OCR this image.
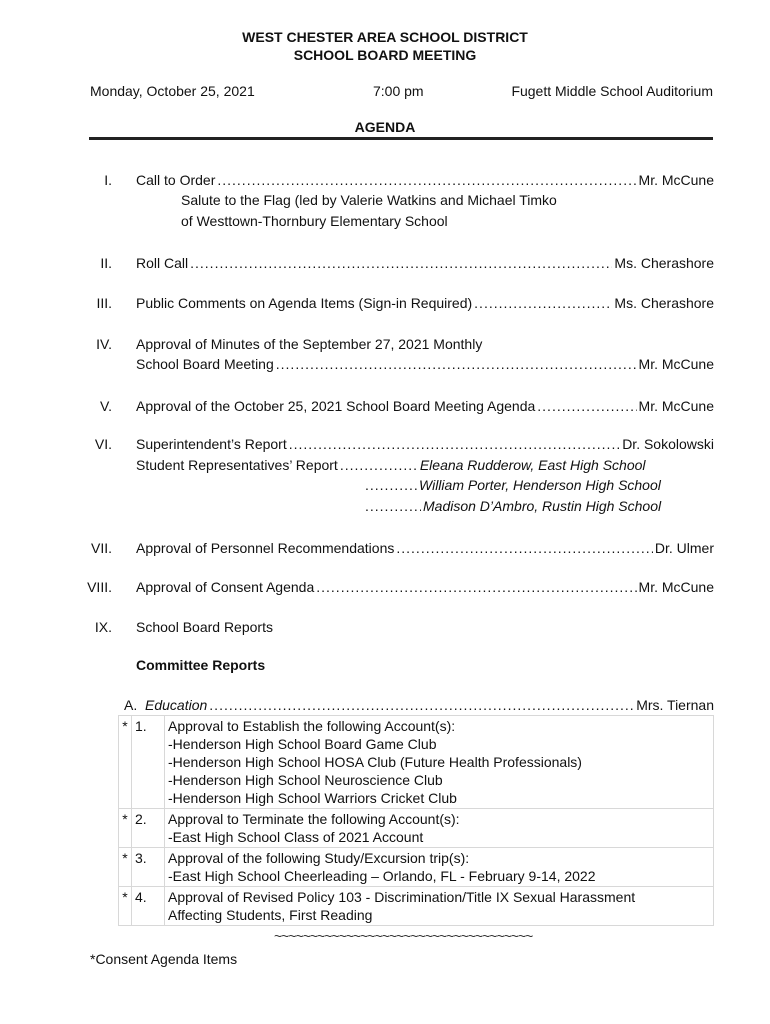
WEST CHESTER AREA SCHOOL DISTRICT
SCHOOL BOARD MEETING
Monday, October 25, 2021	7:00 pm	Fugett Middle School Auditorium
AGENDA
I. Call to Order .....	Mr. McCune
Salute to the Flag (led by Valerie Watkins and Michael Timko
of Westtown-Thornbury Elementary School
II. Roll Call .....	Ms. Cherashore
III. Public Comments on Agenda Items (Sign-in Required) .....	Ms. Cherashore
IV. Approval of Minutes of the September 27, 2021 Monthly
School Board Meeting .....	Mr. McCune
V. Approval of the October 25, 2021 School Board Meeting Agenda .....	Mr. McCune
VI. Superintendent’s Report .....	Dr. Sokolowski
Student Representatives’ Report .....	Eleana Rudderow, East High School
.....
William Porter, Henderson High School
.....
Madison D’Ambro, Rustin High School
VII. Approval of Personnel Recommendations .....	Dr. Ulmer
VIII. Approval of Consent Agenda .....	Mr. McCune
IX. School Board Reports
Committee Reports
A.
Education .....	Mrs. Tiernan
*	1.	Approval to Establish the following Account(s):
-Henderson High School Board Game Club
-Henderson High School HOSA Club (Future Health Professionals)
-Henderson High School Neuroscience Club
-Henderson High School Warriors Cricket Club

*	2.	Approval to Terminate the following Account(s):
-East High School Class of 2021 Account

*	3.	Approval of the following Study/Excursion trip(s):
-East High School Cheerleading – Orlando, FL - February 9-14, 2022

*	4.	Approval of Revised Policy 103 - Discrimination/Title IX Sexual Harassment
Affecting Students, First Reading
~~~~~~~~~~~~~~~~~~~~~~~~~~~~~~~~~~~~
*Consent Agenda Items
